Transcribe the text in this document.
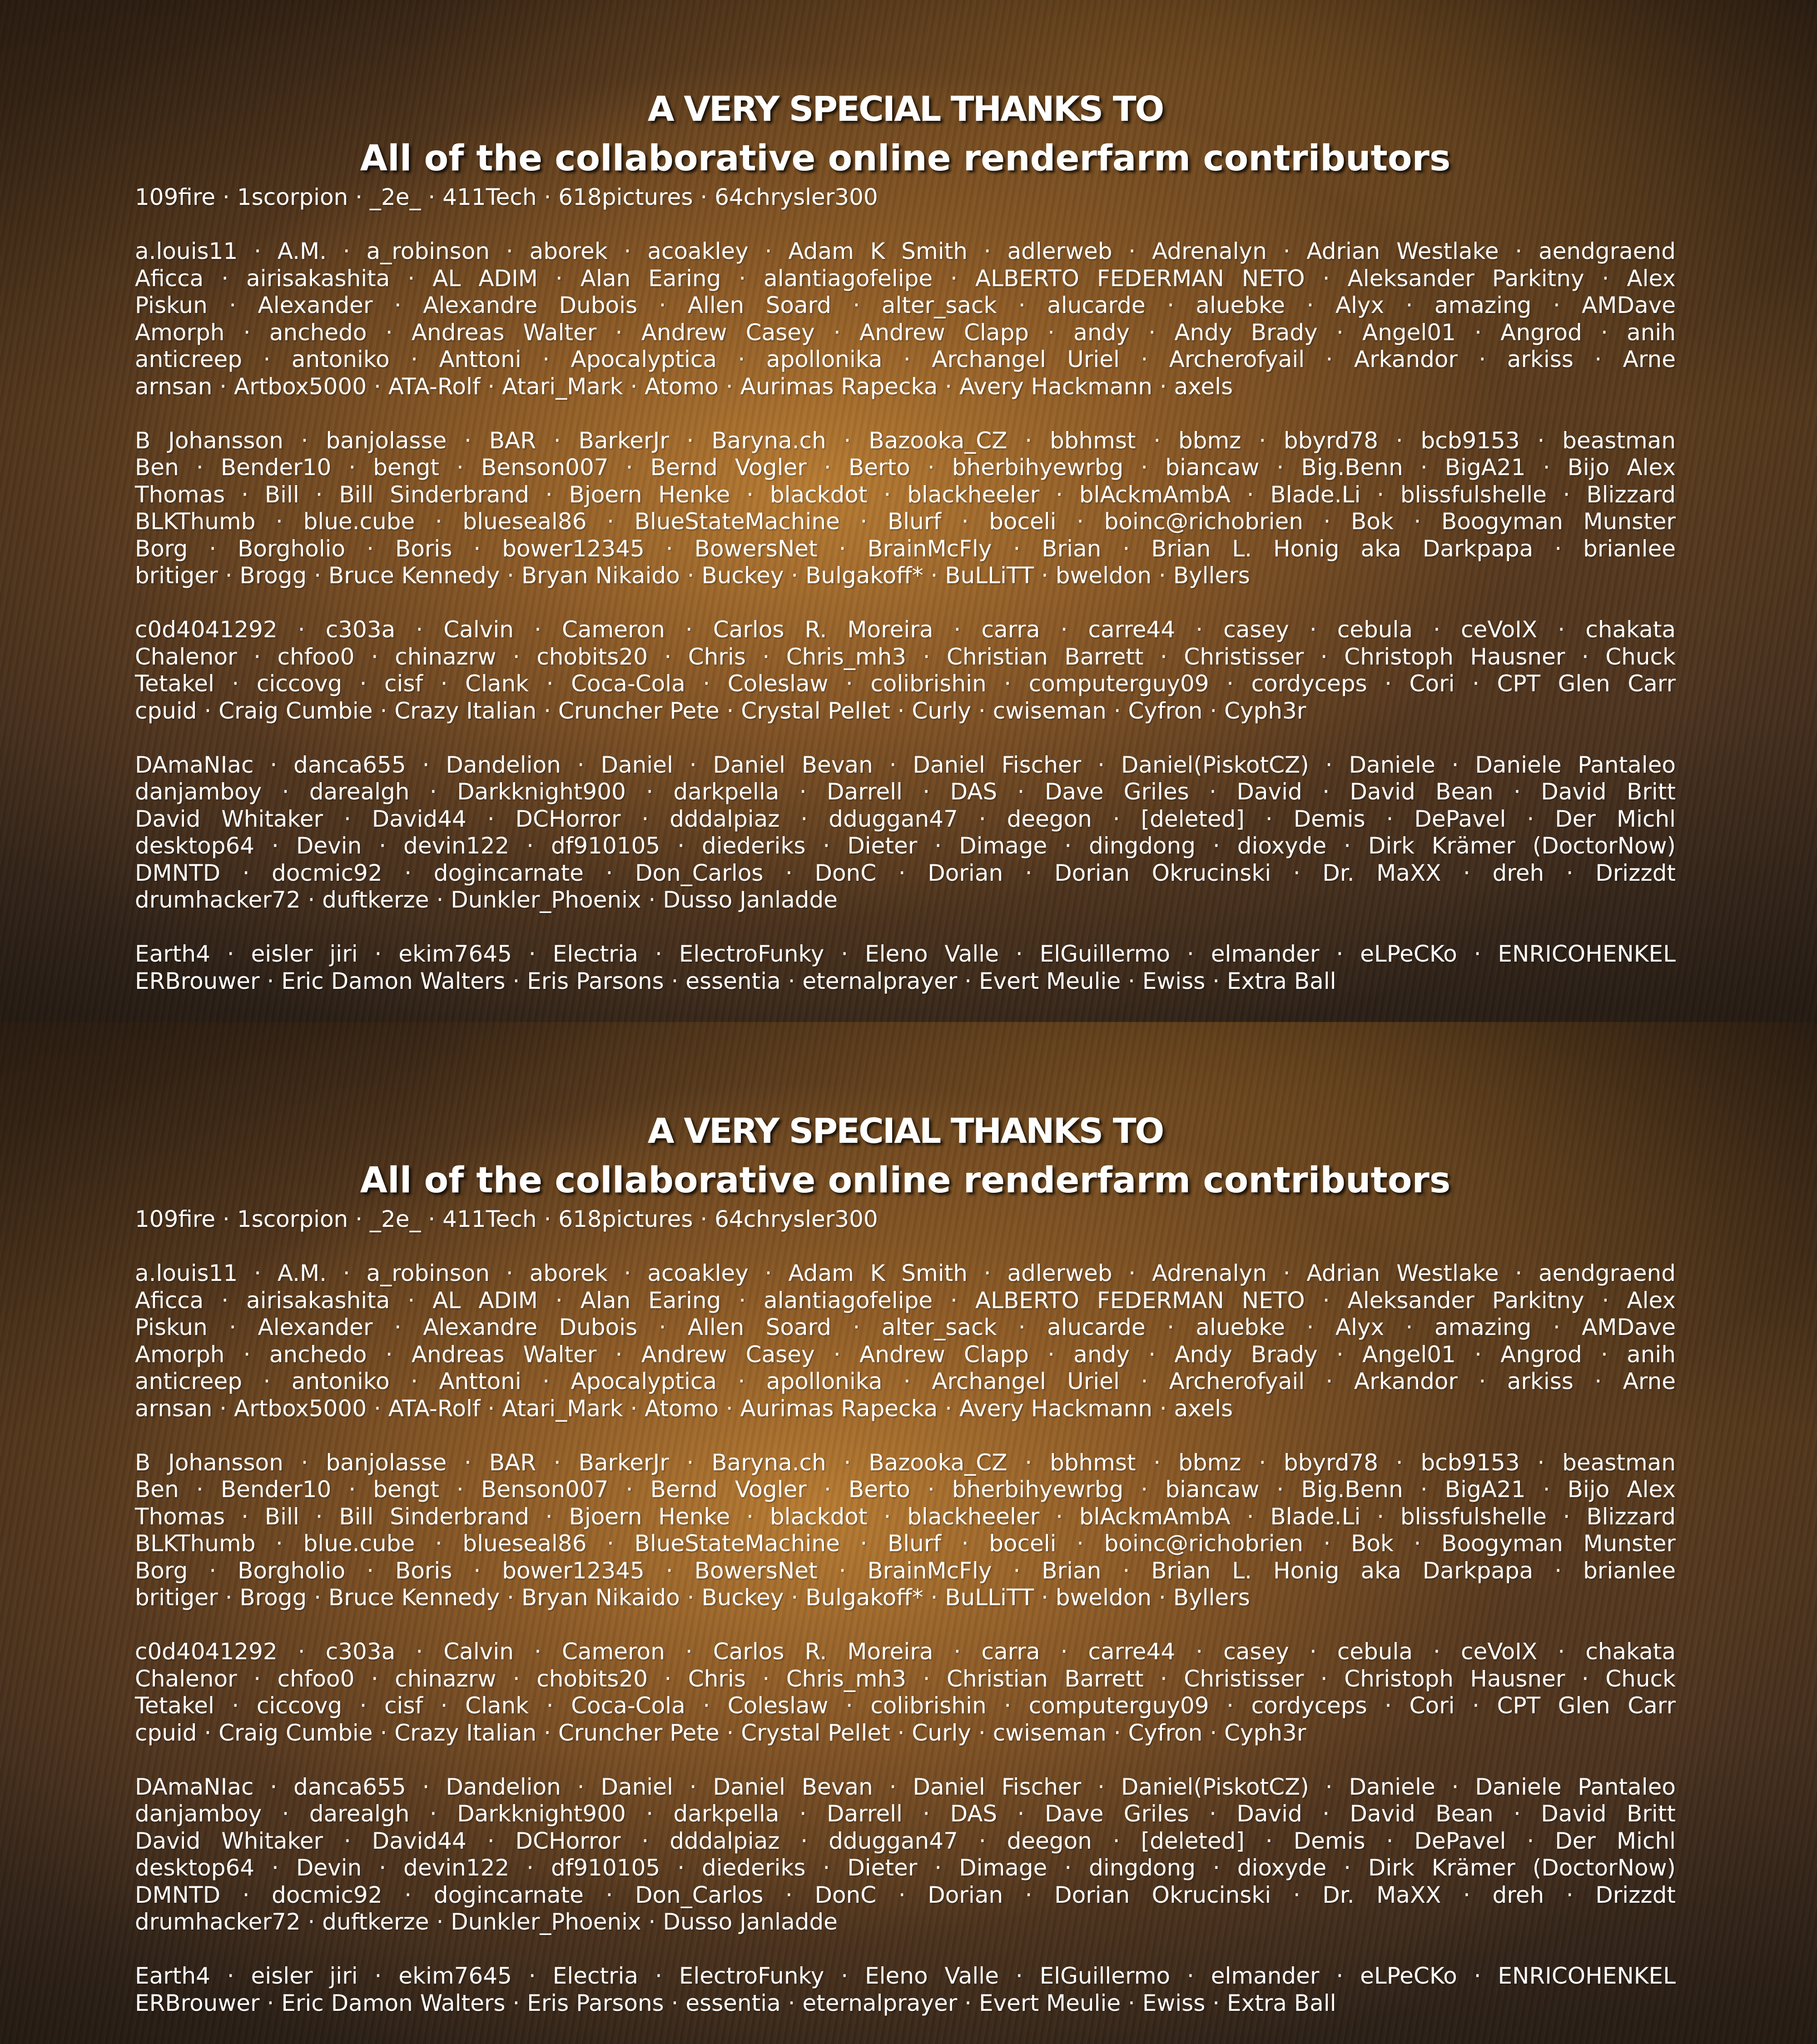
A VERY SPECIAL THANKS TO
All of the collaborative online renderfarm contributors
109fire · 1scorpion · _2e_ · 411Tech · 618pictures · 64chrysler300
a.louis11 · A.M. · a_robinson · aborek · acoakley · Adam K Smith · adlerweb · Adrenalyn · Adrian Westlake · aendgraend
Aficca · airisakashita · AL ADIM · Alan Earing · alantiagofelipe · ALBERTO FEDERMAN NETO · Aleksander Parkitny · Alex
Piskun · Alexander · Alexandre Dubois · Allen Soard · alter_sack · alucarde · aluebke · Alyx · amazing · AMDave
Amorph · anchedo · Andreas Walter · Andrew Casey · Andrew Clapp · andy · Andy Brady · Angel01 · Angrod · anih
anticreep · antoniko · Anttoni · Apocalyptica · apollonika · Archangel Uriel · Archerofyail · Arkandor · arkiss · Arne
arnsan · Artbox5000 · ATA-Rolf · Atari_Mark · Atomo · Aurimas Rapecka · Avery Hackmann · axels
B Johansson · banjolasse · BAR · BarkerJr · Baryna.ch · Bazooka_CZ · bbhmst · bbmz · bbyrd78 · bcb9153 · beastman
Ben · Bender10 · bengt · Benson007 · Bernd Vogler · Berto · bherbihyewrbg · biancaw · Big.Benn · BigA21 · Bijo Alex
Thomas · Bill · Bill Sinderbrand · Bjoern Henke · blackdot · blackheeler · blAckmAmbA · Blade.Li · blissfulshelle · Blizzard
BLKThumb · blue.cube · blueseal86 · BlueStateMachine · Blurf · boceli · boinc@richobrien · Bok · Boogyman Munster
Borg · Borgholio · Boris · bower12345 · BowersNet · BrainMcFly · Brian · Brian L. Honig aka Darkpapa · brianlee
britiger · Brogg · Bruce Kennedy · Bryan Nikaido · Buckey · Bulgakoff* · BuLLiTT · bweldon · Byllers
c0d4041292 · c303a · Calvin · Cameron · Carlos R. Moreira · carra · carre44 · casey · cebula · ceVoIX · chakata
Chalenor · chfoo0 · chinazrw · chobits20 · Chris · Chris_mh3 · Christian Barrett · Christisser · Christoph Hausner · Chuck
Tetakel · ciccovg · cisf · Clank · Coca-Cola · Coleslaw · colibrishin · computerguy09 · cordyceps · Cori · CPT Glen Carr
cpuid · Craig Cumbie · Crazy Italian · Cruncher Pete · Crystal Pellet · Curly · cwiseman · Cyfron · Cyph3r
DAmaNIac · danca655 · Dandelion · Daniel · Daniel Bevan · Daniel Fischer · Daniel(PiskotCZ) · Daniele · Daniele Pantaleo
danjamboy · darealgh · Darkknight900 · darkpella · Darrell · DAS · Dave Griles · David · David Bean · David Britt
David Whitaker · David44 · DCHorror · dddalpiaz · dduggan47 · deegon · [deleted] · Demis · DePavel · Der Michl
desktop64 · Devin · devin122 · df910105 · diederiks · Dieter · Dimage · dingdong · dioxyde · Dirk Krämer (DoctorNow)
DMNTD · docmic92 · dogincarnate · Don_Carlos · DonC · Dorian · Dorian Okrucinski · Dr. MaXX · dreh · Drizzdt
drumhacker72 · duftkerze · Dunkler_Phoenix · Dusso Janladde
Earth4 · eisler jiri · ekim7645 · Electria · ElectroFunky · Eleno Valle · ElGuillermo · elmander · eLPeCKo · ENRICOHENKEL
ERBrouwer · Eric Damon Walters · Eris Parsons · essentia · eternalprayer · Evert Meulie · Ewiss · Extra Ball
A VERY SPECIAL THANKS TO
All of the collaborative online renderfarm contributors
109fire · 1scorpion · _2e_ · 411Tech · 618pictures · 64chrysler300
a.louis11 · A.M. · a_robinson · aborek · acoakley · Adam K Smith · adlerweb · Adrenalyn · Adrian Westlake · aendgraend
Aficca · airisakashita · AL ADIM · Alan Earing · alantiagofelipe · ALBERTO FEDERMAN NETO · Aleksander Parkitny · Alex
Piskun · Alexander · Alexandre Dubois · Allen Soard · alter_sack · alucarde · aluebke · Alyx · amazing · AMDave
Amorph · anchedo · Andreas Walter · Andrew Casey · Andrew Clapp · andy · Andy Brady · Angel01 · Angrod · anih
anticreep · antoniko · Anttoni · Apocalyptica · apollonika · Archangel Uriel · Archerofyail · Arkandor · arkiss · Arne
arnsan · Artbox5000 · ATA-Rolf · Atari_Mark · Atomo · Aurimas Rapecka · Avery Hackmann · axels
B Johansson · banjolasse · BAR · BarkerJr · Baryna.ch · Bazooka_CZ · bbhmst · bbmz · bbyrd78 · bcb9153 · beastman
Ben · Bender10 · bengt · Benson007 · Bernd Vogler · Berto · bherbihyewrbg · biancaw · Big.Benn · BigA21 · Bijo Alex
Thomas · Bill · Bill Sinderbrand · Bjoern Henke · blackdot · blackheeler · blAckmAmbA · Blade.Li · blissfulshelle · Blizzard
BLKThumb · blue.cube · blueseal86 · BlueStateMachine · Blurf · boceli · boinc@richobrien · Bok · Boogyman Munster
Borg · Borgholio · Boris · bower12345 · BowersNet · BrainMcFly · Brian · Brian L. Honig aka Darkpapa · brianlee
britiger · Brogg · Bruce Kennedy · Bryan Nikaido · Buckey · Bulgakoff* · BuLLiTT · bweldon · Byllers
c0d4041292 · c303a · Calvin · Cameron · Carlos R. Moreira · carra · carre44 · casey · cebula · ceVoIX · chakata
Chalenor · chfoo0 · chinazrw · chobits20 · Chris · Chris_mh3 · Christian Barrett · Christisser · Christoph Hausner · Chuck
Tetakel · ciccovg · cisf · Clank · Coca-Cola · Coleslaw · colibrishin · computerguy09 · cordyceps · Cori · CPT Glen Carr
cpuid · Craig Cumbie · Crazy Italian · Cruncher Pete · Crystal Pellet · Curly · cwiseman · Cyfron · Cyph3r
DAmaNIac · danca655 · Dandelion · Daniel · Daniel Bevan · Daniel Fischer · Daniel(PiskotCZ) · Daniele · Daniele Pantaleo
danjamboy · darealgh · Darkknight900 · darkpella · Darrell · DAS · Dave Griles · David · David Bean · David Britt
David Whitaker · David44 · DCHorror · dddalpiaz · dduggan47 · deegon · [deleted] · Demis · DePavel · Der Michl
desktop64 · Devin · devin122 · df910105 · diederiks · Dieter · Dimage · dingdong · dioxyde · Dirk Krämer (DoctorNow)
DMNTD · docmic92 · dogincarnate · Don_Carlos · DonC · Dorian · Dorian Okrucinski · Dr. MaXX · dreh · Drizzdt
drumhacker72 · duftkerze · Dunkler_Phoenix · Dusso Janladde
Earth4 · eisler jiri · ekim7645 · Electria · ElectroFunky · Eleno Valle · ElGuillermo · elmander · eLPeCKo · ENRICOHENKEL
ERBrouwer · Eric Damon Walters · Eris Parsons · essentia · eternalprayer · Evert Meulie · Ewiss · Extra Ball
